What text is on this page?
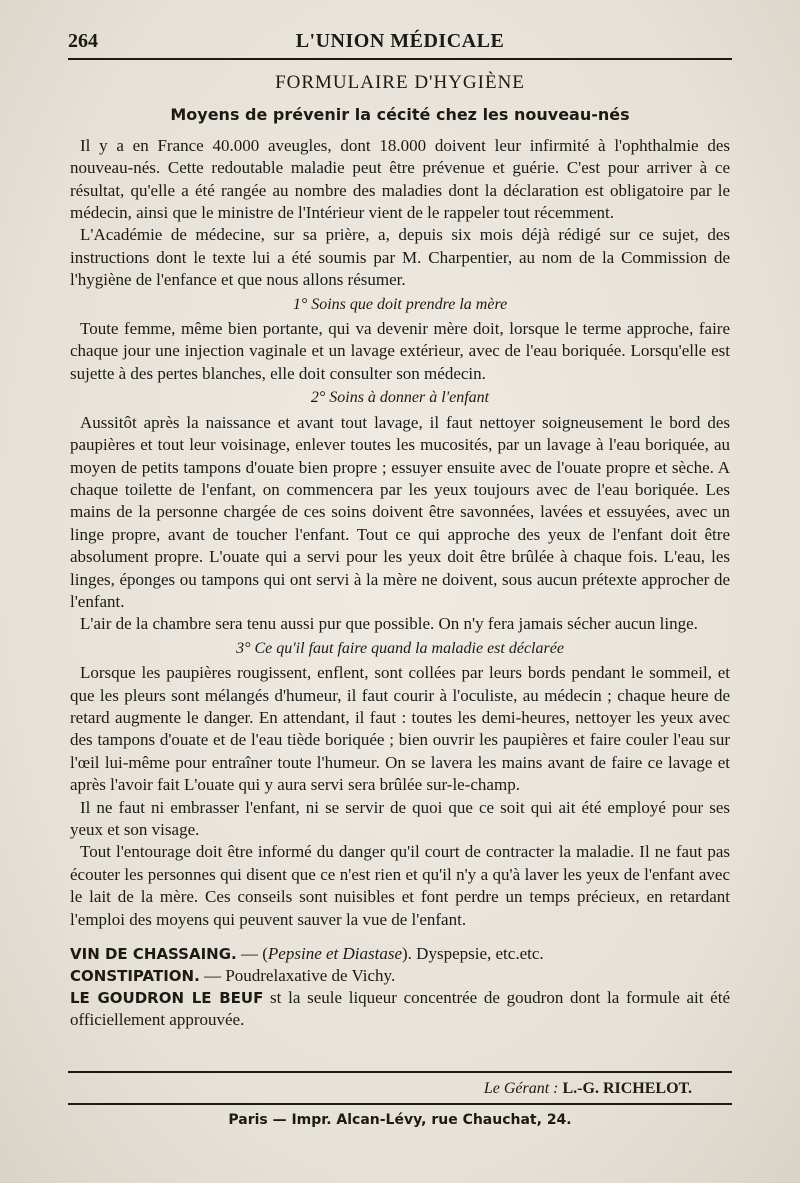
264	L'UNION MÉDICALE
FORMULAIRE D'HYGIÈNE
Moyens de prévenir la cécité chez les nouveau-nés

Il y a en France 40.000 aveugles, dont 18.000 doivent leur infirmité à l'ophthalmie des nouveau-nés. Cette redoutable maladie peut être prévenue et guérie. C'est pour arriver à ce résultat, qu'elle a été rangée au nombre des maladies dont la déclaration est obligatoire par le médecin, ainsi que le ministre de l'Intérieur vient de le rappeler tout récemment.

L'Académie de médecine, sur sa prière, a, depuis six mois déjà rédigé sur ce sujet, des instructions dont le texte lui a été soumis par M. Charpentier, au nom de la Commission de l'hygiène de l'enfance et que nous allons résumer.

1° Soins que doit prendre la mère

Toute femme, même bien portante, qui va devenir mère doit, lorsque le terme approche, faire chaque jour une injection vaginale et un lavage extérieur, avec de l'eau boriquée. Lorsqu'elle est sujette à des pertes blanches, elle doit consulter son médecin.

2° Soins à donner à l'enfant

Aussitôt après la naissance et avant tout lavage, il faut nettoyer soigneusement le bord des paupières et tout leur voisinage, enlever toutes les mucosités, par un lavage à l'eau boriquée, au moyen de petits tampons d'ouate bien propre ; essuyer ensuite avec de l'ouate propre et sèche. A chaque toilette de l'enfant, on commencera par les yeux toujours avec de l'eau boriquée. Les mains de la personne chargée de ces soins doivent être savonnées, lavées et essuyées, avec un linge propre, avant de toucher l'enfant. Tout ce qui approche des yeux de l'enfant doit être absolument propre. L'ouate qui a servi pour les yeux doit être brûlée à chaque fois. L'eau, les linges, éponges ou tampons qui ont servi à la mère ne doivent, sous aucun prétexte approcher de l'enfant.

L'air de la chambre sera tenu aussi pur que possible. On n'y fera jamais sécher aucun linge.

3° Ce qu'il faut faire quand la maladie est déclarée

Lorsque les paupières rougissent, enflent, sont collées par leurs bords pendant le sommeil, et que les pleurs sont mélangés d'humeur, il faut courir à l'oculiste, au médecin ; chaque heure de retard augmente le danger. En attendant, il faut : toutes les demi-heures, nettoyer les yeux avec des tampons d'ouate et de l'eau tiède boriquée ; bien ouvrir les paupières et faire couler l'eau sur l'œil lui-même pour entraîner toute l'humeur. On se lavera les mains avant de faire ce lavage et après l'avoir fait L'ouate qui y aura servi sera brûlée sur-le-champ.

Il ne faut ni embrasser l'enfant, ni se servir de quoi que ce soit qui ait été employé pour ses yeux et son visage.

Tout l'entourage doit être informé du danger qu'il court de contracter la maladie. Il ne faut pas écouter les personnes qui disent que ce n'est rien et qu'il n'y a qu'à laver les yeux de l'enfant avec le lait de la mère. Ces conseils sont nuisibles et font perdre un temps précieux, en retardant l'emploi des moyens qui peuvent sauver la vue de l'enfant.

VIN DE CHASSAING. — (Pepsine et Diastase). Dyspepsie, etc.etc.
CONSTIPATION. — Poudrelaxative de Vichy.
LE GOUDRON LE BEUF st la seule liqueur concentrée de goudron dont la formule ait été officiellement approuvée.
Le Gérant : L.-G. RICHELOT.
Paris — Impr. Alcan-Lévy, rue Chauchat, 24.
